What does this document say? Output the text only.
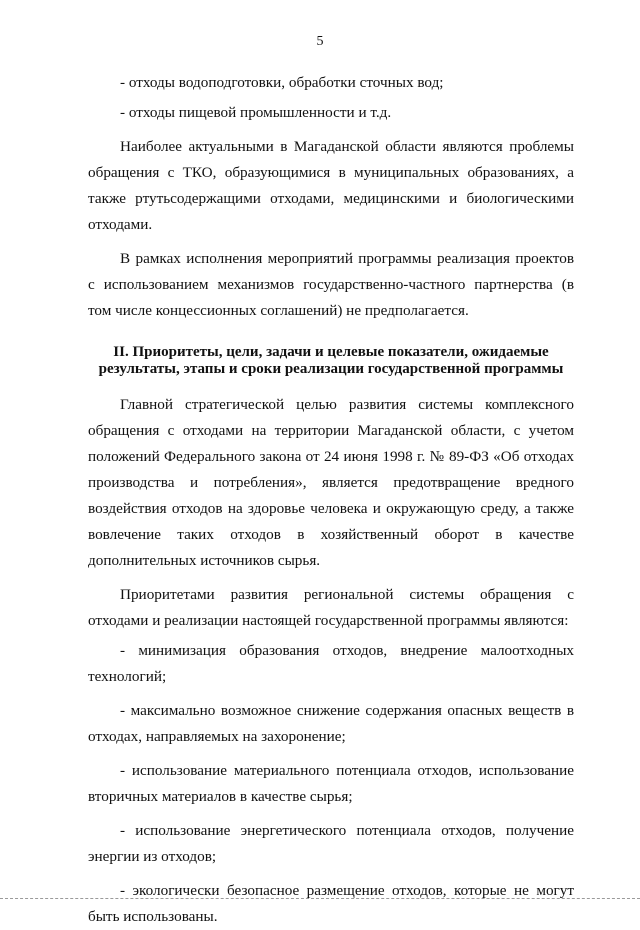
5

- отходы водоподготовки, обработки сточных вод;

- отходы пищевой промышленности и т.д.

Наиболее актуальными в Магаданской области являются проблемы обращения с ТКО, образующимися в муниципальных образованиях, а также ртутьсодержащими отходами, медицинскими и биологическими отходами.

В рамках исполнения мероприятий программы реализация проектов с использованием механизмов государственно-частного партнерства (в том числе концессионных соглашений) не предполагается.

II. Приоритеты, цели, задачи и целевые показатели, ожидаемые
результаты, этапы и сроки реализации государственной программы

Главной стратегической целью развития системы комплексного обращения с отходами на территории Магаданской области, с учетом положений Федерального закона от 24 июня 1998 г. № 89-ФЗ «Об отходах производства и потребления», является предотвращение вредного воздействия отходов на здоровье человека и окружающую среду, а также вовлечение таких отходов в хозяйственный оборот в качестве дополнительных источников сырья.

Приоритетами развития региональной системы обращения с отходами и реализации настоящей государственной программы являются:

- минимизация образования отходов, внедрение малоотходных технологий;

- максимально возможное снижение содержания опасных веществ в отходах, направляемых на захоронение;

- использование материального потенциала отходов, использование вторичных материалов в качестве сырья;

- использование энергетического потенциала отходов, получение энергии из отходов;

- экологически безопасное размещение отходов, которые не могут быть использованы.
